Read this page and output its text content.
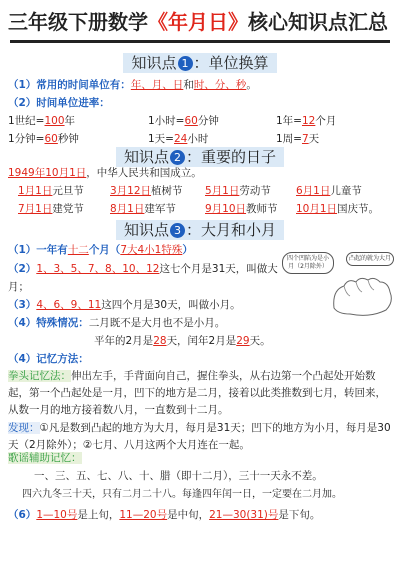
三年级下册数学《年月日》核心知识点汇总
知识点 1 ：单位换算
（1）常用的时间单位有：年、月、日和时、分、秒。
（2）时间单位进率：
1世纪=100年	1小时=60分钟	1年=12个月
1分钟=60秒钟	1天=24小时	1周=7天
知识点 2 ：重要的日子
1949年10月1日，中华人民共和国成立。
1月1日元旦节 3月12日植树节 5月1日劳动节 6月1日儿童节
7月1日建党节 8月1日建军节	9月10日教师节 10月1日国庆节。
知识点 3 ：大月和小月
（1）一年有十二个月（7大4小1特殊）
（2）1、3、5、7、8、10、12这七个月是31天，叫做大
月；
（3）4、6、9、11这四个月是30天，叫做小月。
（4）特殊情况：二月既不是大月也不是小月。
平年的2月是28天，闰年2月是29天。
四个凹陷为是小月（2月除外）
凸起的就为大月
（4）记忆方法：
拳头记忆法：伸出左手，手背面向自己，握住拳头，从右边第一个凸起处开始数起，第一个凸起处是一月，凹下的地方是二月，接着以此类推数到七月，转回来，从数一月的地方接着数八月，一直数到十二月。
发现：①凡是数到凸起的地方为大月，每月是31天；凹下的地方为小月，每月是30天（2月除外）；②七月、八月这两个大月连在一起。
歌谣辅助记忆：
一、三、五、七、八、十、腊（即十二月），三十一天永不差。
四六九冬三十天，只有二月二十八。每逢四年闰一日，一定要在二月加。
（6）1—10号是上旬，11—20号是中旬，21—30(31)号是下旬。
